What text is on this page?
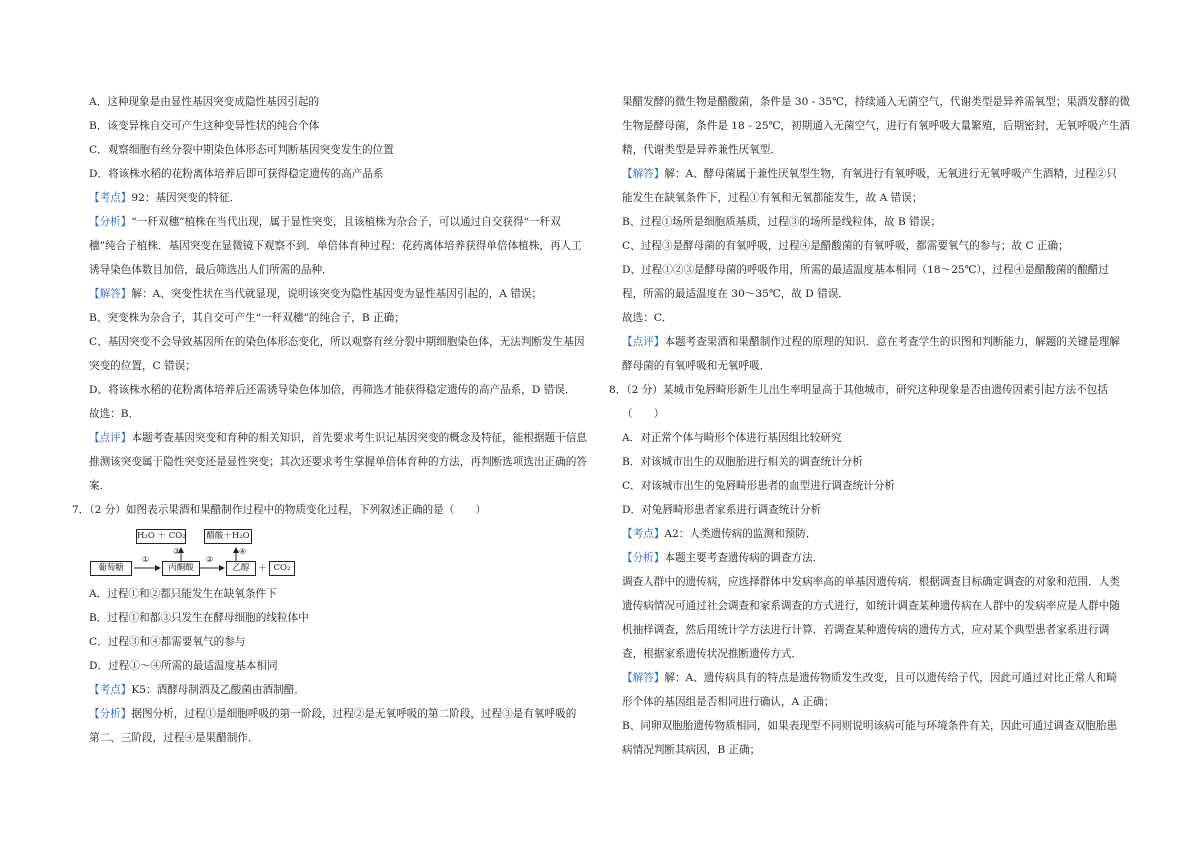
A．这种现象是由显性基因突变成隐性基因引起的
B．该变异株自交可产生这种变异性状的纯合个体
C．观察细胞有丝分裂中期染色体形态可判断基因突变发生的位置
D．将该株水稻的花粉离体培养后即可获得稳定遗传的高产品系
【考点】92：基因突变的特征．
【分析】“一秆双穗”植株在当代出现，属于显性突变，且该植株为杂合子，可以通过自交获得“一秆双
穗”纯合子植株．基因突变在显微镜下观察不到．单倍体育种过程：花药离体培养获得单倍体植株，再人工
诱导染色体数目加倍，最后筛选出人们所需的品种．
【解答】解：A、突变性状在当代就显现，说明该突变为隐性基因变为显性基因引起的，A 错误；
B、突变株为杂合子，其自交可产生“一秆双穗”的纯合子，B 正确；
C、基因突变不会导致基因所在的染色体形态变化，所以观察有丝分裂中期细胞染色体，无法判断发生基因
突变的位置，C 错误；
D、将该株水稻的花粉离体培养后还需诱导染色体加倍，再筛选才能获得稳定遗传的高产品系，D 错误．
故选：B．
【点评】本题考查基因突变和育种的相关知识，首先要求考生识记基因突变的概念及特征，能根据题干信息
推测该突变属于隐性突变还是显性突变；其次还要求考生掌握单倍体育种的方法，再判断选项选出正确的答
案．
7．（2 分）如图表示果酒和果醋制作过程中的物质变化过程，下列叙述正确的是（　　）
H₂O ＋ CO₂ 醋酸＋H₂O
葡萄糖	丙酮酸	乙醇	CO₂
＋
①	②
③	④
A．过程①和②都只能发生在缺氧条件下
B．过程①和都③只发生在酵母细胞的线粒体中
C．过程③和④都需要氧气的参与
D．过程①～④所需的最适温度基本相同
【考点】K5：酒酵母制酒及乙酸菌由酒制醋．
【分析】据图分析，过程①是细胞呼吸的第一阶段，过程②是无氧呼吸的第二阶段，过程③是有氧呼吸的
第二、三阶段，过程④是果醋制作．
果醋发酵的微生物是醋酸菌，条件是 30 - 35℃，持续通入无菌空气，代谢类型是异养需氧型；果酒发酵的微
生物是酵母菌，条件是 18 - 25℃，初期通入无菌空气，进行有氧呼吸大量繁殖，后期密封，无氧呼吸产生酒
精，代谢类型是异养兼性厌氧型．
【解答】解：A、酵母菌属于兼性厌氧型生物，有氧进行有氧呼吸，无氧进行无氧呼吸产生酒精，过程②只
能发生在缺氧条件下，过程①有氧和无氧都能发生，故 A 错误；
B、过程①场所是细胞质基质，过程③的场所是线粒体，故 B 错误；
C、过程③是酵母菌的有氧呼吸，过程④是醋酸菌的有氧呼吸，都需要氧气的参与；故 C 正确；
D、过程①②③是酵母菌的呼吸作用，所需的最适温度基本相同（18～25℃），过程④是醋酸菌的酿醋过
程，所需的最适温度在 30～35℃，故 D 错误．
故选：C．
【点评】本题考查果酒和果醋制作过程的原理的知识．意在考查学生的识图和判断能力，解题的关键是理解
酵母菌的有氧呼吸和无氧呼吸．
8．（2 分）某城市兔唇畸形新生儿出生率明显高于其他城市，研究这种现象是否由遗传因素引起方法不包括
（　　）
A．对正常个体与畸形个体进行基因组比较研究
B．对该城市出生的双胞胎进行相关的调查统计分析
C．对该城市出生的兔唇畸形患者的血型进行调查统计分析
D．对兔唇畸形患者家系进行调查统计分析
【考点】A2：人类遗传病的监测和预防．
【分析】本题主要考查遗传病的调查方法．
调查人群中的遗传病，应选择群体中发病率高的单基因遗传病．根据调查目标确定调查的对象和范围．人类
遗传病情况可通过社会调查和家系调查的方式进行，如统计调查某种遗传病在人群中的发病率应是人群中随
机抽样调查，然后用统计学方法进行计算．若调查某种遗传病的遗传方式，应对某个典型患者家系进行调
查，根据家系遗传状况推断遗传方式．
【解答】解：A、遗传病具有的特点是遗传物质发生改变，且可以遗传给子代，因此可通过对比正常人和畸
形个体的基因组是否相同进行确认，A 正确；
B、同卵双胞胎遗传物质相同，如果表现型不同则说明该病可能与环境条件有关，因此可通过调查双胞胎患
病情况判断其病因，B 正确；
